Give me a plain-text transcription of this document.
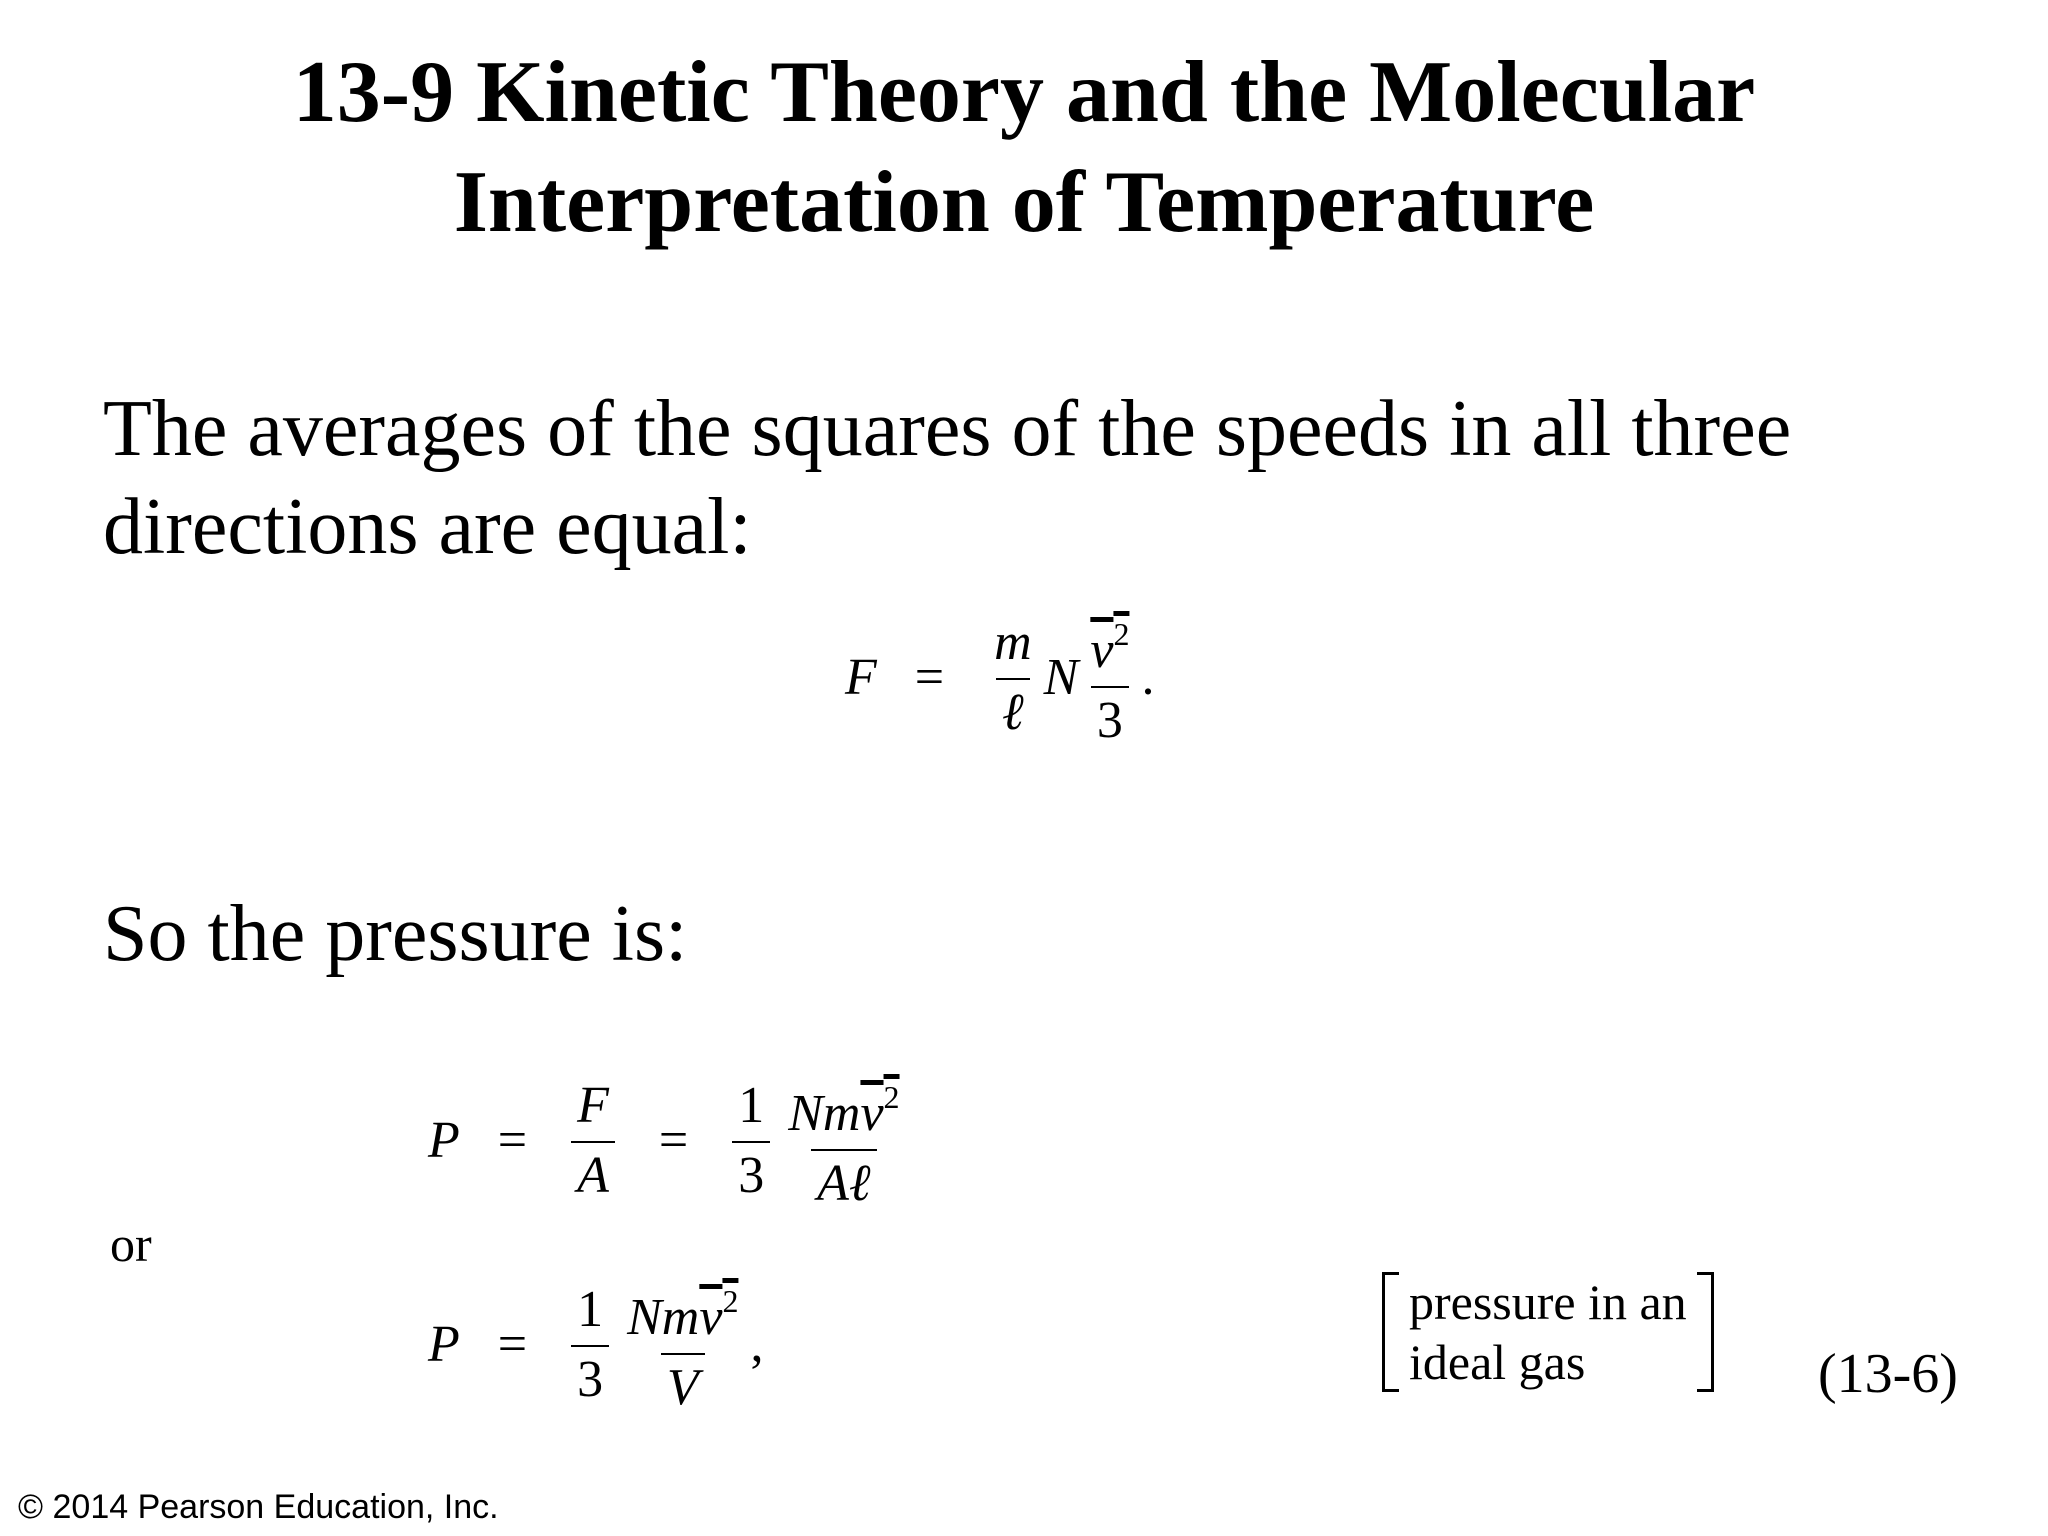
13-9 Kinetic Theory and the Molecular
Interpretation of Temperature
The averages of the squares of the speeds in all three
directions are equal:
$F = \frac{m}{\text{ℓ}}$ N $\frac{v^2}{3}$ .
So the pressure is:
$P = \frac{F}{A} = \frac{1}{3} \frac{Nmv^2}{\text{Aℓ}}$
or
$P = \frac{1}{3} \frac{Nmv^2}{V}$ ,
pressure in an
ideal gas	(13-6)
© 2014 Pearson Education, Inc.
